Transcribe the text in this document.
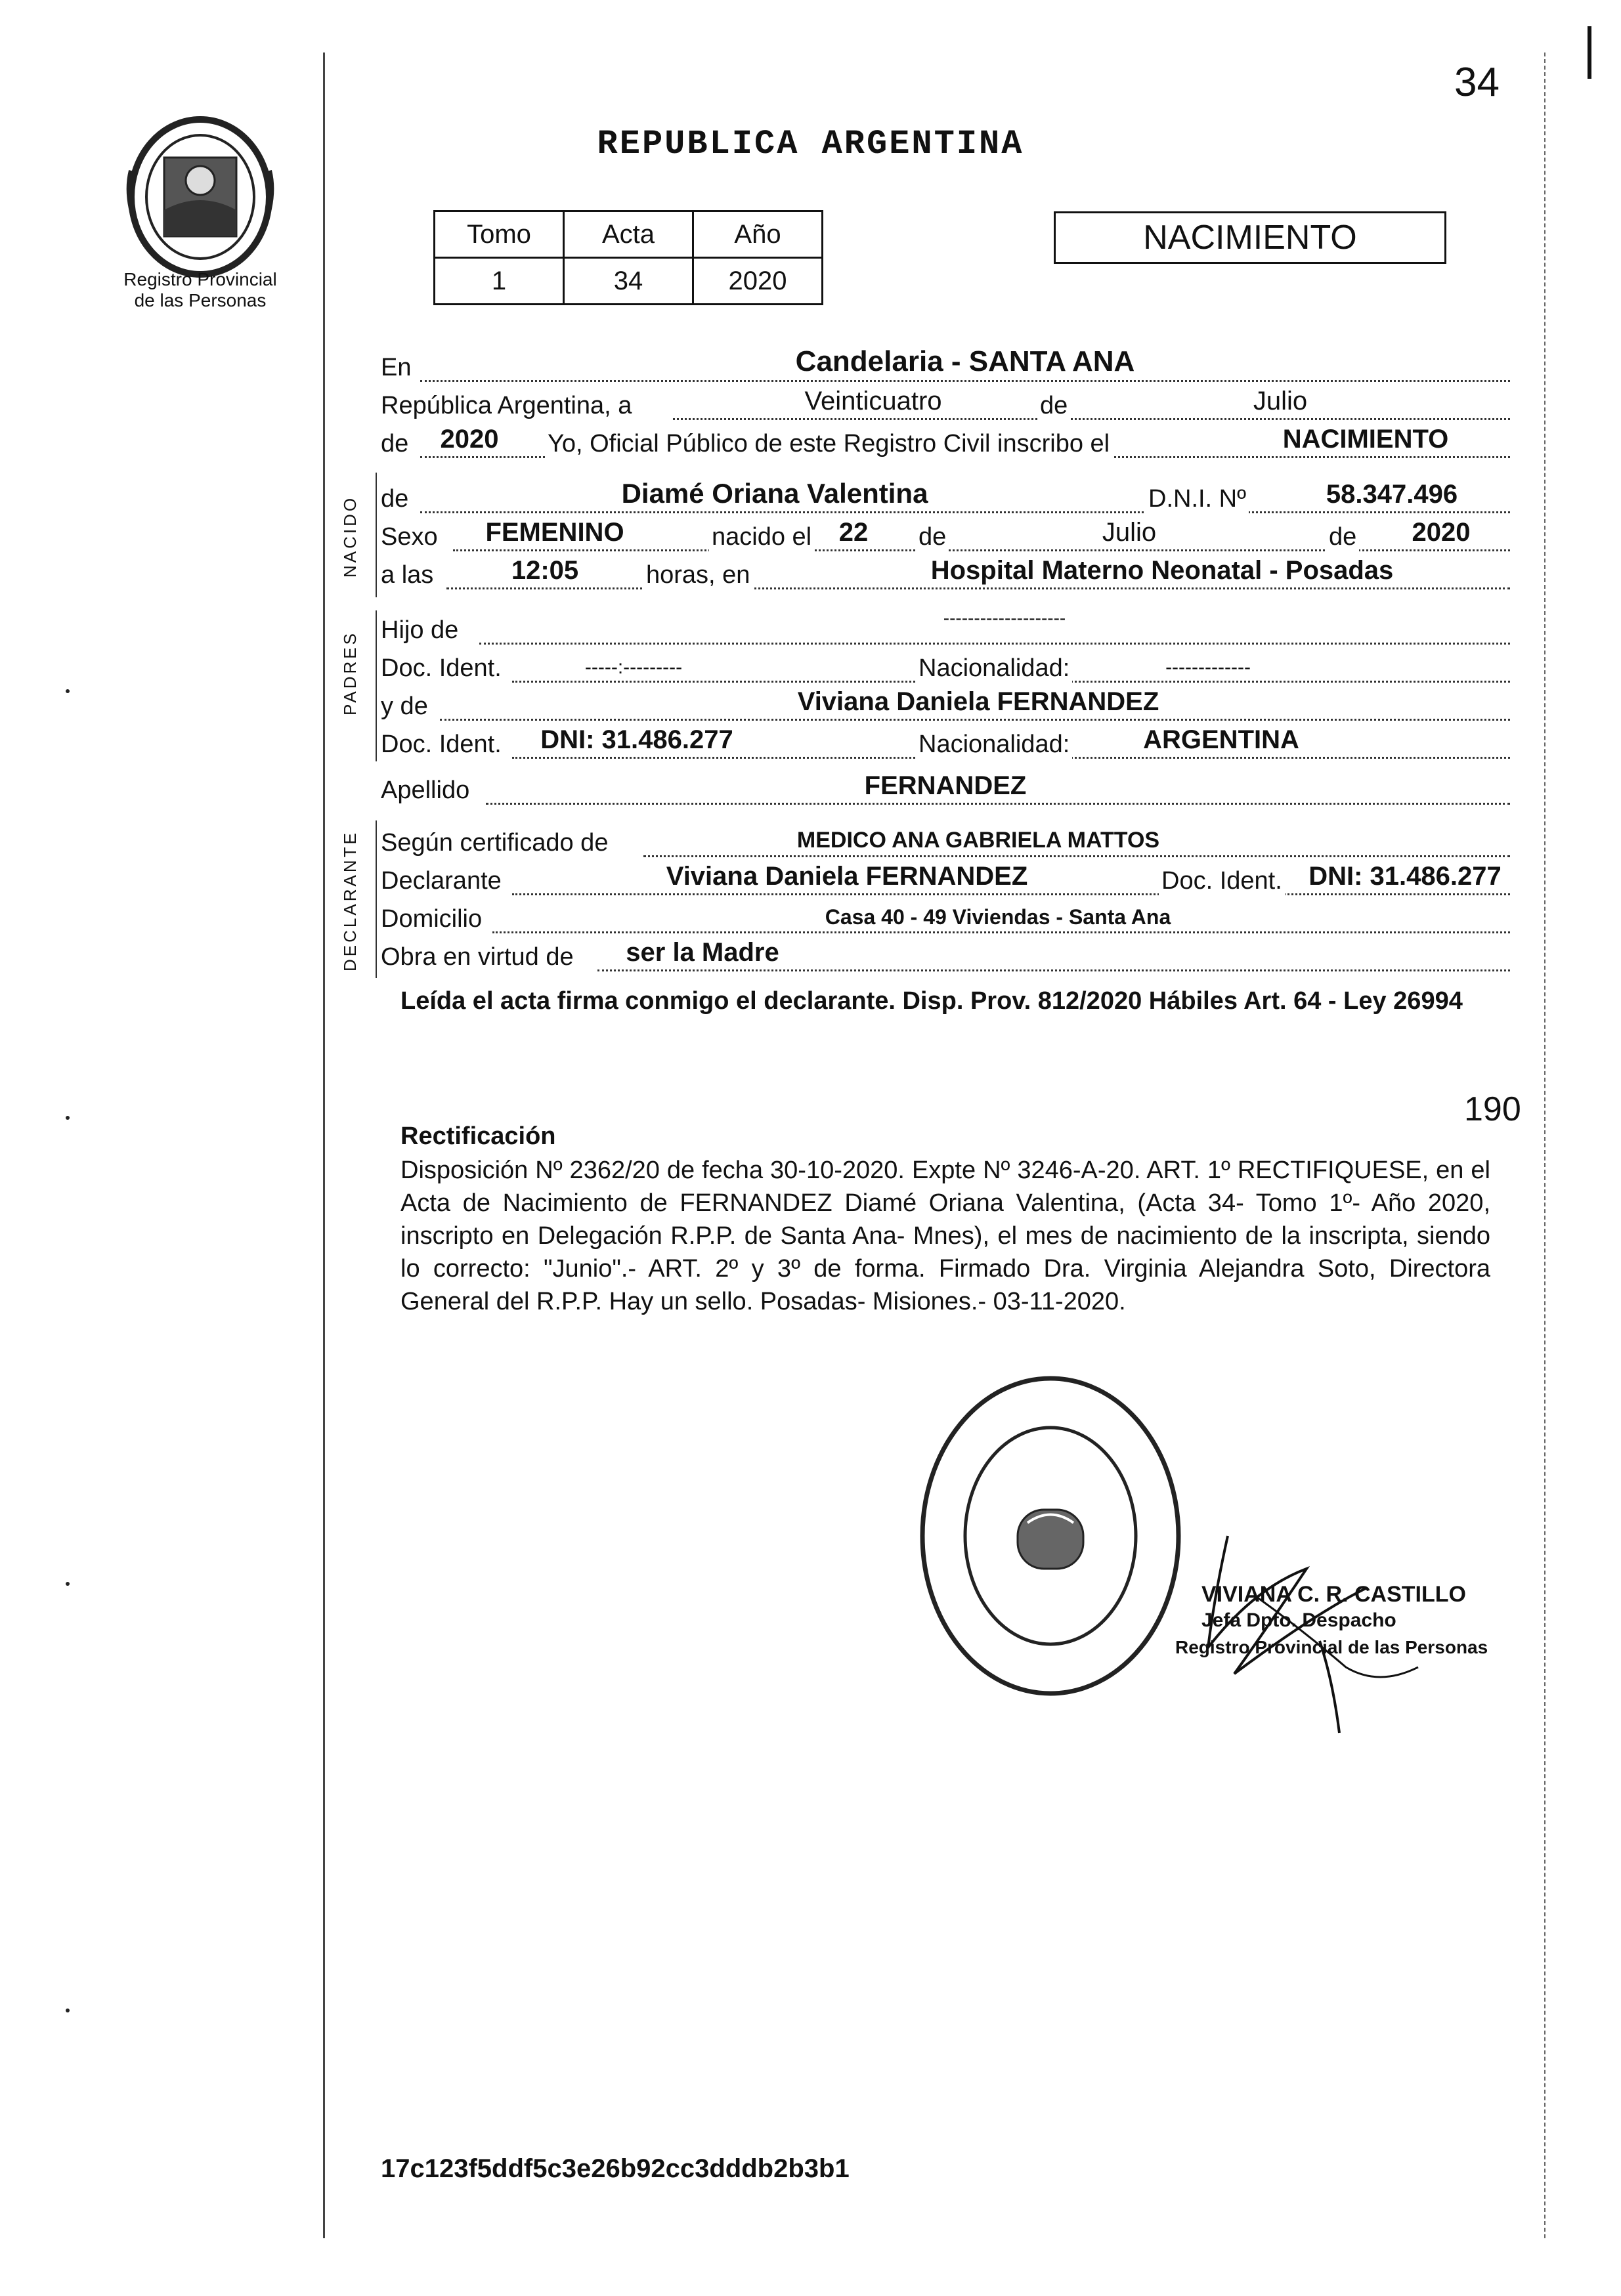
34
Registro Provincial
de las Personas
REPUBLICA ARGENTINA
Tomo	Acta	Año
1	34	2020
NACIMIENTO
En	Candelaria - SANTA ANA
República Argentina, a	Veinticuatro	de	Julio
de	2020	Yo, Oficial Público de este Registro Civil inscribo el	NACIMIENTO
NACIDO de	Diamé Oriana Valentina	D.N.I. Nº	58.347.496
Sexo FEMENINO	nacido el	22	de	Julio	de	2020
a las	12:05	horas, en	Hospital Materno Neonatal - Posadas
PADRES
Hijo de	--------------------
Doc. Ident.	-----:---------	Nacionalidad:	-------------
y de	Viviana Daniela FERNANDEZ
Doc. Ident.	DNI: 31.486.277	Nacionalidad:	ARGENTINA
Apellido	FERNANDEZ
DECLARANTE Según certificado de	MEDICO ANA GABRIELA MATTOS
Declarante	Viviana Daniela FERNANDEZ	Doc. Ident.	DNI: 31.486.277
Domicilio	Casa 40 - 49 Viviendas - Santa Ana
Obra en virtud de	ser la Madre
Leída el acta firma conmigo el declarante. Disp. Prov. 812/2020 Hábiles Art. 64 - Ley 26994
190
Rectificación
Disposición Nº 2362/20 de fecha 30-10-2020. Expte Nº 3246-A-20. ART. 1º RECTIFIQUESE, en el Acta de Nacimiento de FERNANDEZ Diamé Oriana Valentina, (Acta 34- Tomo 1º- Año 2020, inscripto en Delegación R.P.P. de Santa Ana- Mnes), el mes de nacimiento de la inscripta, siendo lo correcto: "Junio".- ART. 2º y 3º de forma. Firmado Dra. Virginia Alejandra Soto, Directora General del R.P.P. Hay un sello. Posadas- Misiones.- 03-11-2020.
VIVIANA C. R. CASTILLO
Jefa Dpto. Despacho
Registro Provincial de las Personas
17c123f5ddf5c3e26b92cc3dddb2b3b1
